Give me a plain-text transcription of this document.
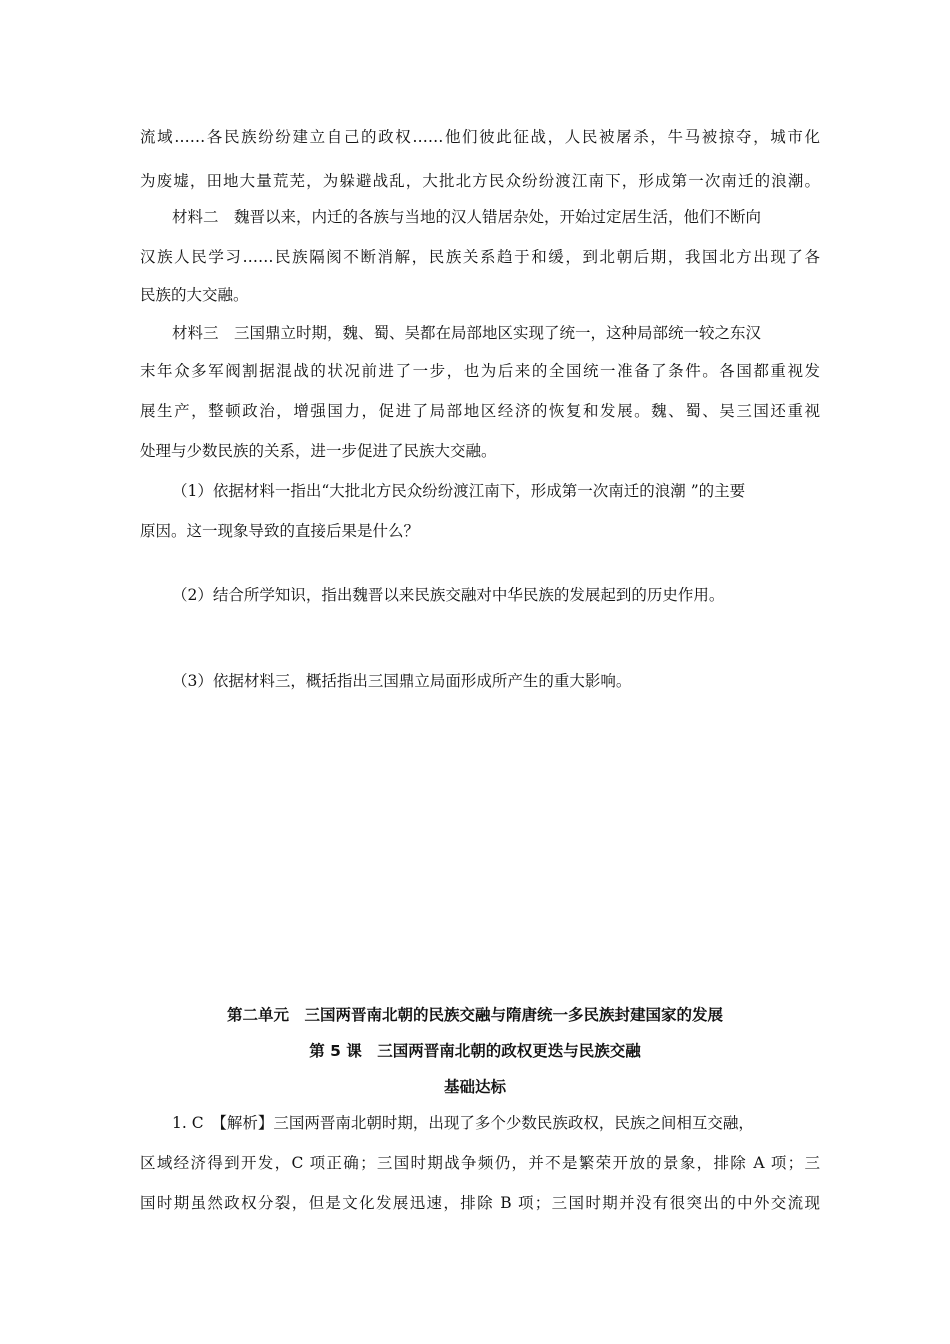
流域……各民族纷纷建立自己的政权……他们彼此征战，人民被屠杀，牛马被掠夺，城市化
为废墟，田地大量荒芜，为躲避战乱，大批北方民众纷纷渡江南下，形成第一次南迁的浪潮。
材料二　魏晋以来，内迁的各族与当地的汉人错居杂处，开始过定居生活，他们不断向
汉族人民学习……民族隔阂不断消解，民族关系趋于和缓，到北朝后期，我国北方出现了各
民族的大交融。
材料三　三国鼎立时期，魏、蜀、吴都在局部地区实现了统一，这种局部统一较之东汉
末年众多军阀割据混战的状况前进了一步，也为后来的全国统一准备了条件。各国都重视发
展生产，整顿政治，增强国力，促进了局部地区经济的恢复和发展。魏、蜀、吴三国还重视
处理与少数民族的关系，进一步促进了民族大交融。
（1）依据材料一指出“大批北方民众纷纷渡江南下，形成第一次南迁的浪潮 ”的主要
原因。这一现象导致的直接后果是什么？
（2）结合所学知识，指出魏晋以来民族交融对中华民族的发展起到的历史作用。
（3）依据材料三，概括指出三国鼎立局面形成所产生的重大影响。
第二单元　三国两晋南北朝的民族交融与隋唐统一多民族封建国家的发展
第 5 课　三国两晋南北朝的政权更迭与民族交融
基础达标
1. C　【解析】三国两晋南北朝时期，出现了多个少数民族政权，民族之间相互交融，
区域经济得到开发，C 项正确；三国时期战争频仍，并不是繁荣开放的景象，排除 A 项；三
国时期虽然政权分裂，但是文化发展迅速，排除 B 项；三国时期并没有很突出的中外交流现
